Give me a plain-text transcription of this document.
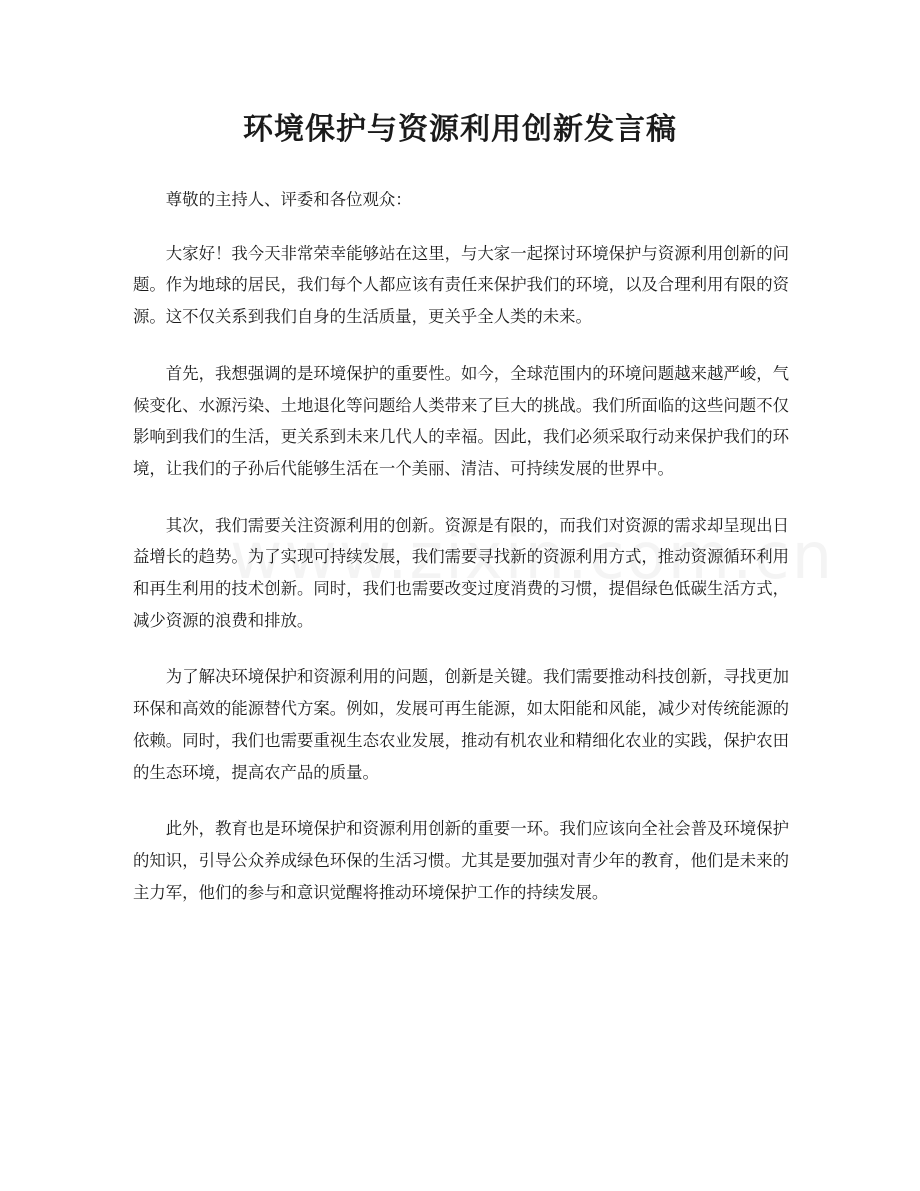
环境保护与资源利用创新发言稿

尊敬的主持人、评委和各位观众：

大家好！我今天非常荣幸能够站在这里，与大家一起探讨环境保护与资源利用创新的问题。作为地球的居民，我们每个人都应该有责任来保护我们的环境，以及合理利用有限的资源。这不仅关系到我们自身的生活质量，更关乎全人类的未来。

首先，我想强调的是环境保护的重要性。如今，全球范围内的环境问题越来越严峻，气候变化、水源污染、土地退化等问题给人类带来了巨大的挑战。我们所面临的这些问题不仅影响到我们的生活，更关系到未来几代人的幸福。因此，我们必须采取行动来保护我们的环境，让我们的子孙后代能够生活在一个美丽、清洁、可持续发展的世界中。

其次，我们需要关注资源利用的创新。资源是有限的，而我们对资源的需求却呈现出日益增长的趋势。为了实现可持续发展，我们需要寻找新的资源利用方式，推动资源循环利用和再生利用的技术创新。同时，我们也需要改变过度消费的习惯，提倡绿色低碳生活方式，减少资源的浪费和排放。

为了解决环境保护和资源利用的问题，创新是关键。我们需要推动科技创新，寻找更加环保和高效的能源替代方案。例如，发展可再生能源，如太阳能和风能，减少对传统能源的依赖。同时，我们也需要重视生态农业发展，推动有机农业和精细化农业的实践，保护农田的生态环境，提高农产品的质量。

此外，教育也是环境保护和资源利用创新的重要一环。我们应该向全社会普及环境保护的知识，引导公众养成绿色环保的生活习惯。尤其是要加强对青少年的教育，他们是未来的主力军，他们的参与和意识觉醒将推动环境保护工作的持续发展。
